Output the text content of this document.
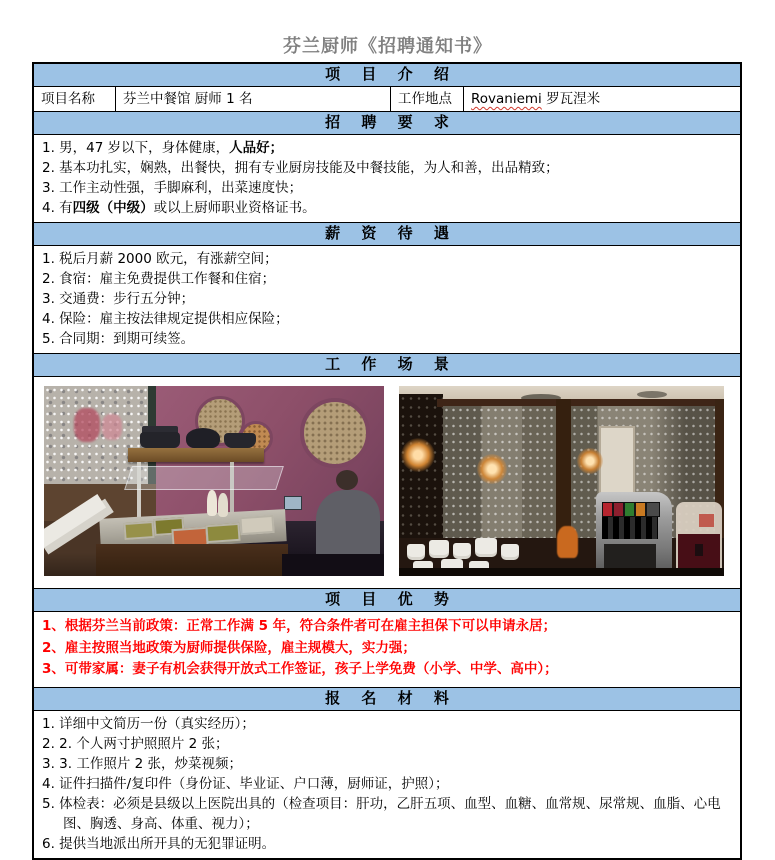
芬兰厨师《招聘通知书》
项 目 介 绍
项目名称	芬兰中餐馆 厨师 1 名	工作地点	Rovaniemi 罗瓦涅米
招 聘 要 求
1. 男，47 岁以下，身体健康，人品好；
2. 基本功扎实，娴熟，出餐快，拥有专业厨房技能及中餐技能，为人和善，出品精致；
3. 工作主动性强，手脚麻利，出菜速度快；
4. 有四级（中级）或以上厨师职业资格证书。
薪 资 待 遇
1. 税后月薪 2000 欧元，有涨薪空间；
2. 食宿：雇主免费提供工作餐和住宿；
3. 交通费：步行五分钟；
4. 保险：雇主按法律规定提供相应保险；
5. 合同期：到期可续签。
工 作 场 景
项 目 优 势
1、根据芬兰当前政策：正常工作满 5 年，符合条件者可在雇主担保下可以申请永居；
2、雇主按照当地政策为厨师提供保险，雇主规模大，实力强；
3、可带家属：妻子有机会获得开放式工作签证，孩子上学免费（小学、中学、高中）；
报 名 材 料
1. 详细中文简历一份（真实经历）；
2. 2. 个人两寸护照照片 2 张；
3. 3. 工作照片 2 张，炒菜视频；
4. 证件扫描件/复印件（身份证、毕业证、户口薄，厨师证，护照）；
5. 体检表：必须是县级以上医院出具的（检查项目：肝功，乙肝五项、血型、血糖、血常规、尿常规、血脂、心电图、胸透、身高、体重、视力）；
6. 提供当地派出所开具的无犯罪证明。
